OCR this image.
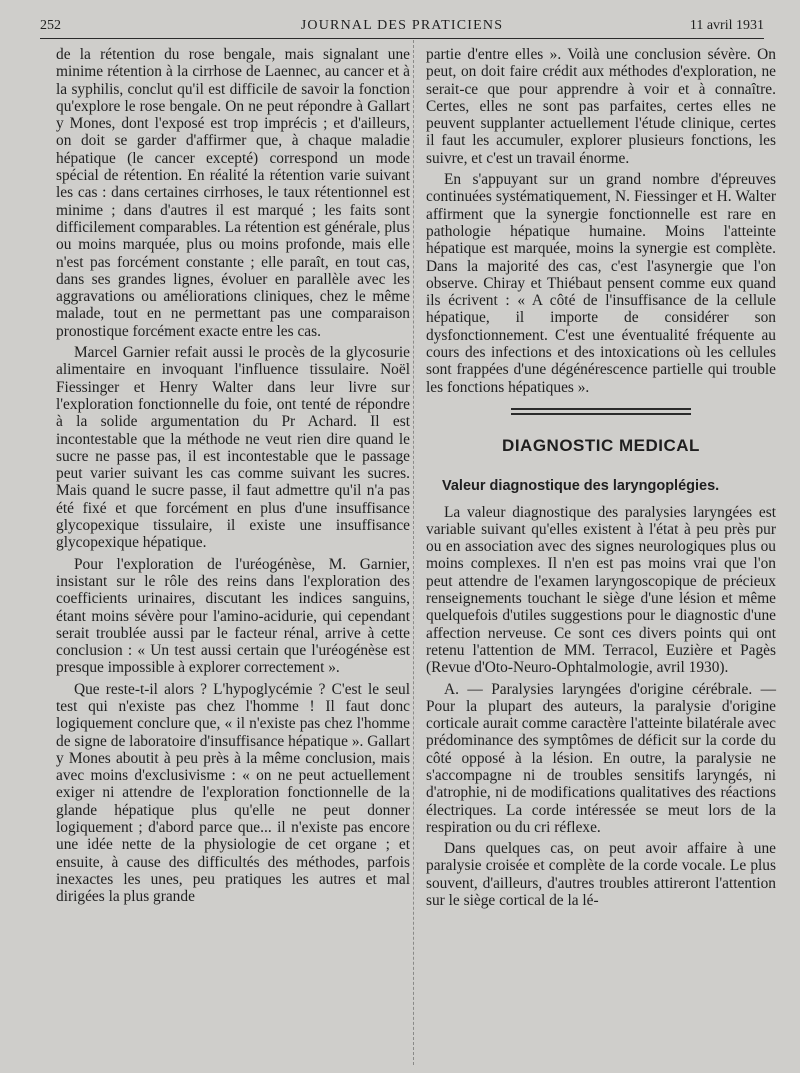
252	JOURNAL DES PRATICIENS	11 avril 1931

de la rétention du rose bengale, mais signalant une minime rétention à la cirrhose de Laennec, au cancer et à la syphilis, conclut qu'il est difficile de savoir la fonction qu'explore le rose bengale. On ne peut répondre à Gallart y Mones, dont l'exposé est trop imprécis ; et d'ailleurs, on doit se garder d'affirmer que, à chaque maladie hépatique (le cancer excepté) correspond un mode spécial de rétention. En réalité la rétention varie suivant les cas : dans certaines cirrhoses, le taux rétentionnel est minime ; dans d'autres il est marqué ; les faits sont difficilement comparables. La rétention est générale, plus ou moins marquée, plus ou moins profonde, mais elle n'est pas forcément constante ; elle paraît, en tout cas, dans ses grandes lignes, évoluer en parallèle avec les aggravations ou améliorations cliniques, chez le même malade, tout en ne permettant pas une comparaison pronostique forcément exacte entre les cas.

Marcel Garnier refait aussi le procès de la glycosurie alimentaire en invoquant l'influence tissulaire. Noël Fiessinger et Henry Walter dans leur livre sur l'exploration fonctionnelle du foie, ont tenté de répondre à la solide argumentation du Pr Achard. Il est incontestable que la méthode ne veut rien dire quand le sucre ne passe pas, il est incontestable que le passage peut varier suivant les cas comme suivant les sucres. Mais quand le sucre passe, il faut admettre qu'il n'a pas été fixé et que forcément en plus d'une insuffisance glycopexique tissulaire, il existe une insuffisance glycopexique hépatique.

Pour l'exploration de l'uréogénèse, M. Garnier, insistant sur le rôle des reins dans l'exploration des coefficients urinaires, discutant les indices sanguins, étant moins sévère pour l'amino-acidurie, qui cependant serait troublée aussi par le facteur rénal, arrive à cette conclusion : « Un test aussi certain que l'uréogénèse est presque impossible à explorer correctement ».

Que reste-t-il alors ? L'hypoglycémie ? C'est le seul test qui n'existe pas chez l'homme ! Il faut donc logiquement conclure que, « il n'existe pas chez l'homme de signe de laboratoire d'insuffisance hépatique ». Gallart y Mones aboutit à peu près à la même conclusion, mais avec moins d'exclusivisme : « on ne peut actuellement exiger ni attendre de l'exploration fonctionnelle de la glande hépatique plus qu'elle ne peut donner logiquement ; d'abord parce que... il n'existe pas encore une idée nette de la physiologie de cet organe ; et ensuite, à cause des difficultés des méthodes, parfois inexactes les unes, peu pratiques les autres et mal dirigées la plus grande

partie d'entre elles ». Voilà une conclusion sévère. On peut, on doit faire crédit aux méthodes d'exploration, ne serait-ce que pour apprendre à voir et à connaître. Certes, elles ne sont pas parfaites, certes elles ne peuvent supplanter actuellement l'étude clinique, certes il faut les accumuler, explorer plusieurs fonctions, les suivre, et c'est un travail énorme.

En s'appuyant sur un grand nombre d'épreuves continuées systématiquement, N. Fiessinger et H. Walter affirment que la synergie fonctionnelle est rare en pathologie hépatique humaine. Moins l'atteinte hépatique est marquée, moins la synergie est complète. Dans la majorité des cas, c'est l'asynergie que l'on observe. Chiray et Thiébaut pensent comme eux quand ils écrivent : « A côté de l'insuffisance de la cellule hépatique, il importe de considérer son dysfonctionnement. C'est une éventualité fréquente au cours des infections et des intoxications où les cellules sont frappées d'une dégénérescence partielle qui trouble les fonctions hépatiques ».

DIAGNOSTIC MEDICAL
Valeur diagnostique des laryngoplégies.

La valeur diagnostique des paralysies laryngées est variable suivant qu'elles existent à l'état à peu près pur ou en association avec des signes neurologiques plus ou moins complexes. Il n'en est pas moins vrai que l'on peut attendre de l'examen laryngoscopique de précieux renseignements touchant le siège d'une lésion et même quelquefois d'utiles suggestions pour le diagnostic d'une affection nerveuse. Ce sont ces divers points qui ont retenu l'attention de MM. Terracol, Euzière et Pagès (Revue d'Oto-Neuro-Ophtalmologie, avril 1930).

A. — Paralysies laryngées d'origine cérébrale. — Pour la plupart des auteurs, la paralysie d'origine corticale aurait comme caractère l'atteinte bilatérale avec prédominance des symptômes de déficit sur la corde du côté opposé à la lésion. En outre, la paralysie ne s'accompagne ni de troubles sensitifs laryngés, ni d'atrophie, ni de modifications qualitatives des réactions électriques. La corde intéressée se meut lors de la respiration ou du cri réflexe.

Dans quelques cas, on peut avoir affaire à une paralysie croisée et complète de la corde vocale. Le plus souvent, d'ailleurs, d'autres troubles attireront l'attention sur le siège cortical de la lé-
